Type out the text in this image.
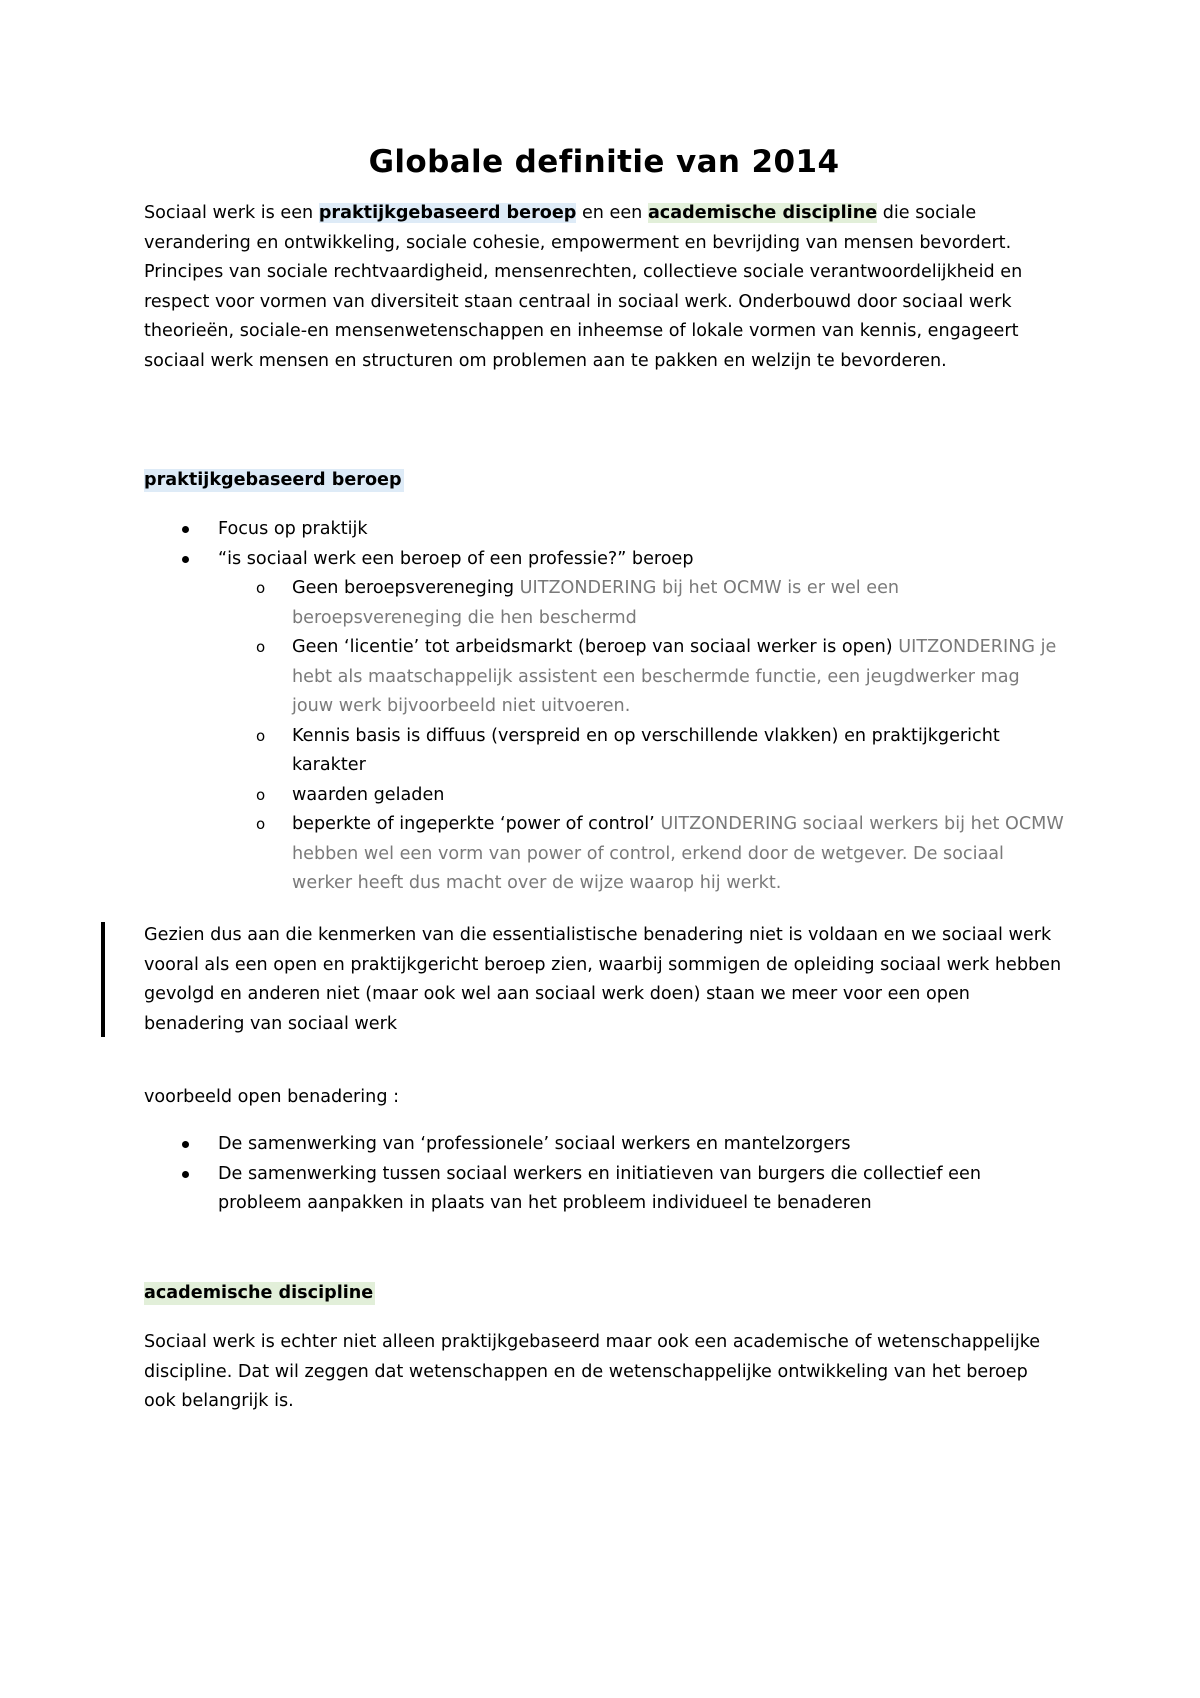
Globale definitie van 2014

Sociaal werk is een praktijkgebaseerd beroep en een academische discipline die sociale verandering en ontwikkeling, sociale cohesie, empowerment en bevrijding van mensen bevordert. Principes van sociale rechtvaardigheid, mensenrechten, collectieve sociale verantwoordelijkheid en respect voor vormen van diversiteit staan centraal in sociaal werk. Onderbouwd door sociaal werk theorieën, sociale-en mensenwetenschappen en inheemse of lokale vormen van kennis, engageert sociaal werk mensen en structuren om problemen aan te pakken en welzijn te bevorderen.

praktijkgebaseerd beroep
Focus op praktijk
“is sociaal werk een beroep of een professie?” beroep
o Geen beroepsvereneging UITZONDERING bij het OCMW is er wel een beroepsvereneging die hen beschermd
o Geen ‘licentie’ tot arbeidsmarkt (beroep van sociaal werker is open) UITZONDERING je hebt als maatschappelijk assistent een beschermde functie, een jeugdwerker mag jouw werk bijvoorbeeld niet uitvoeren.
o Kennis basis is diffuus (verspreid en op verschillende vlakken) en praktijkgericht karakter
o waarden geladen
o beperkte of ingeperkte ‘power of control’ UITZONDERING sociaal werkers bij het OCMW hebben wel een vorm van power of control, erkend door de wetgever. De sociaal werker heeft dus macht over de wijze waarop hij werkt.

Gezien dus aan die kenmerken van die essentialistische benadering niet is voldaan en we sociaal werk vooral als een open en praktijkgericht beroep zien, waarbij sommigen de opleiding sociaal werk hebben gevolgd en anderen niet (maar ook wel aan sociaal werk doen) staan we meer voor een open benadering van sociaal werk

voorbeeld open benadering :

De samenwerking van ‘professionele’ sociaal werkers en mantelzorgers
De samenwerking tussen sociaal werkers en initiatieven van burgers die collectief een probleem aanpakken in plaats van het probleem individueel te benaderen
academische discipline

Sociaal werk is echter niet alleen praktijkgebaseerd maar ook een academische of wetenschappelijke discipline. Dat wil zeggen dat wetenschappen en de wetenschappelijke ontwikkeling van het beroep ook belangrijk is.
